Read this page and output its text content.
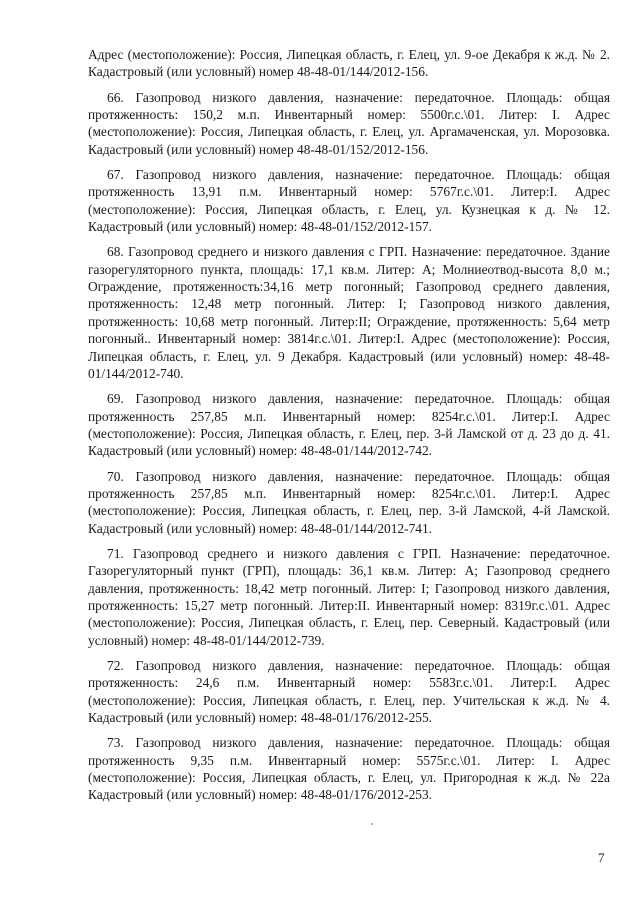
Адрес (местоположение): Россия, Липецкая область, г. Елец, ул. 9-ое Декабря к ж.д. № 2. Кадастровый (или условный) номер 48-48-01/144/2012-156.

66. Газопровод низкого давления, назначение: передаточное. Площадь: общая протяженность: 150,2 м.п. Инвентарный номер: 5500г.с.\01. Литер: I. Адрес (местоположение): Россия, Липецкая область, г. Елец, ул. Аргамаченская, ул. Морозовка. Кадастровый (или условный) номер 48-48-01/152/2012-156.

67. Газопровод низкого давления, назначение: передаточное. Площадь: общая протяженность 13,91 п.м. Инвентарный номер: 5767г.с.\01. Литер:I. Адрес (местоположение): Россия, Липецкая область, г. Елец, ул. Кузнецкая к д. № 12. Кадастровый (или условный) номер: 48-48-01/152/2012-157.

68. Газопровод среднего и низкого давления с ГРП. Назначение: передаточное. Здание газорегуляторного пункта, площадь: 17,1 кв.м. Литер: А; Молниеотвод-высота 8,0 м.; Ограждение, протяженность:34,16 метр погонный; Газопровод среднего давления, протяженность: 12,48 метр погонный. Литер: I; Газопровод низкого давления, протяженность: 10,68 метр погонный. Литер:II; Ограждение, протяженность: 5,64 метр погонный.. Инвентарный номер: 3814г.с.\01. Литер:I. Адрес (местоположение): Россия, Липецкая область, г. Елец, ул. 9 Декабря. Кадастровый (или условный) номер: 48-48-01/144/2012-740.

69. Газопровод низкого давления, назначение: передаточное. Площадь: общая протяженность 257,85 м.п. Инвентарный номер: 8254г.с.\01. Литер:I. Адрес (местоположение): Россия, Липецкая область, г. Елец, пер. 3-й Ламской от д. 23 до д. 41. Кадастровый (или условный) номер: 48-48-01/144/2012-742.

70. Газопровод низкого давления, назначение: передаточное. Площадь: общая протяженность 257,85 м.п. Инвентарный номер: 8254г.с.\01. Литер:I. Адрес (местоположение): Россия, Липецкая область, г. Елец, пер. 3-й Ламской, 4-й Ламской. Кадастровый (или условный) номер: 48-48-01/144/2012-741.

71. Газопровод среднего и низкого давления с ГРП. Назначение: передаточное. Газорегуляторный пункт (ГРП), площадь: 36,1 кв.м. Литер: А; Газопровод среднего давления, протяженность: 18,42 метр погонный. Литер: I; Газопровод низкого давления, протяженность: 15,27 метр погонный. Литер:II. Инвентарный номер: 8319г.с.\01. Адрес (местоположение): Россия, Липецкая область, г. Елец, пер. Северный. Кадастровый (или условный) номер: 48-48-01/144/2012-739.

72. Газопровод низкого давления, назначение: передаточное. Площадь: общая протяженность: 24,6 п.м. Инвентарный номер: 5583г.с.\01. Литер:I. Адрес (местоположение): Россия, Липецкая область, г. Елец, пер. Учительская к ж.д. № 4. Кадастровый (или условный) номер: 48-48-01/176/2012-255.

73. Газопровод низкого давления, назначение: передаточное. Площадь: общая протяженность 9,35 п.м. Инвентарный номер: 5575г.с.\01. Литер: I. Адрес (местоположение): Россия, Липецкая область, г. Елец, ул. Пригородная к ж.д. № 22а Кадастровый (или условный) номер: 48-48-01/176/2012-253.

7
